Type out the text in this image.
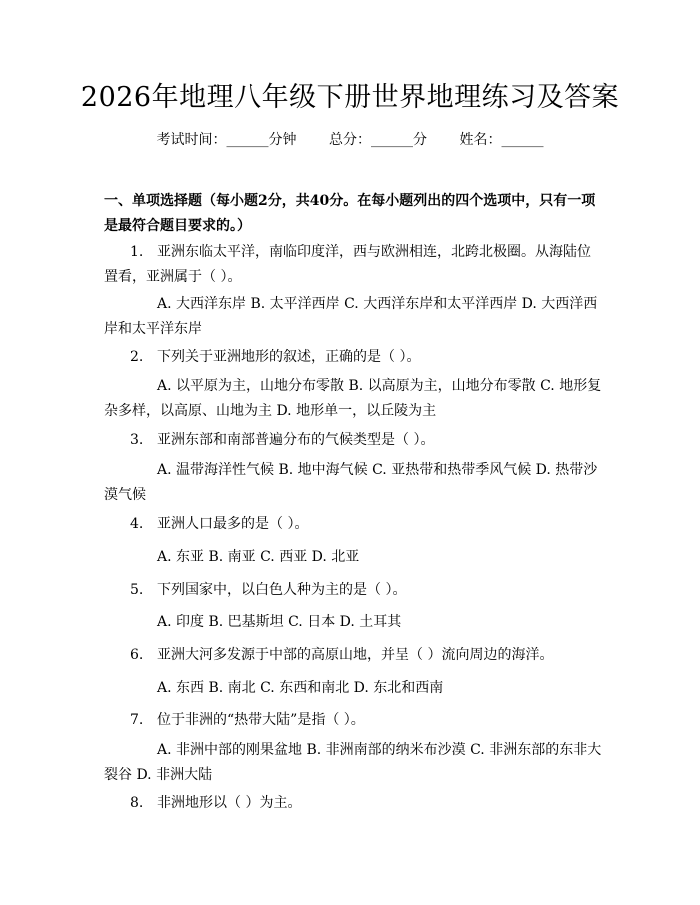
2026年地理八年级下册世界地理练习及答案
考试时间：______分钟 总分：______分 姓名：______
一、单项选择题（每小题2分，共40分。在每小题列出的四个选项中，只有一项是最符合题目要求的。）
1. 亚洲东临太平洋，南临印度洋，西与欧洲相连，北跨北极圈。从海陆位置看，亚洲属于（ ）。
A. 大西洋东岸 B. 太平洋西岸 C. 大西洋东岸和太平洋西岸 D. 大西洋西岸和太平洋东岸
2. 下列关于亚洲地形的叙述，正确的是（ ）。
A. 以平原为主，山地分布零散 B. 以高原为主，山地分布零散 C. 地形复杂多样，以高原、山地为主 D. 地形单一，以丘陵为主
3. 亚洲东部和南部普遍分布的气候类型是（ ）。
A. 温带海洋性气候 B. 地中海气候 C. 亚热带和热带季风气候 D. 热带沙漠气候
4. 亚洲人口最多的是（ ）。
A. 东亚 B. 南亚 C. 西亚 D. 北亚
5. 下列国家中，以白色人种为主的是（ ）。
A. 印度 B. 巴基斯坦 C. 日本 D. 土耳其
6. 亚洲大河多发源于中部的高原山地，并呈（ ）流向周边的海洋。
A. 东西 B. 南北 C. 东西和南北 D. 东北和西南
7. 位于非洲的“热带大陆”是指（ ）。
A. 非洲中部的刚果盆地 B. 非洲南部的纳米布沙漠 C. 非洲东部的东非大裂谷 D. 非洲大陆
8. 非洲地形以（ ）为主。
